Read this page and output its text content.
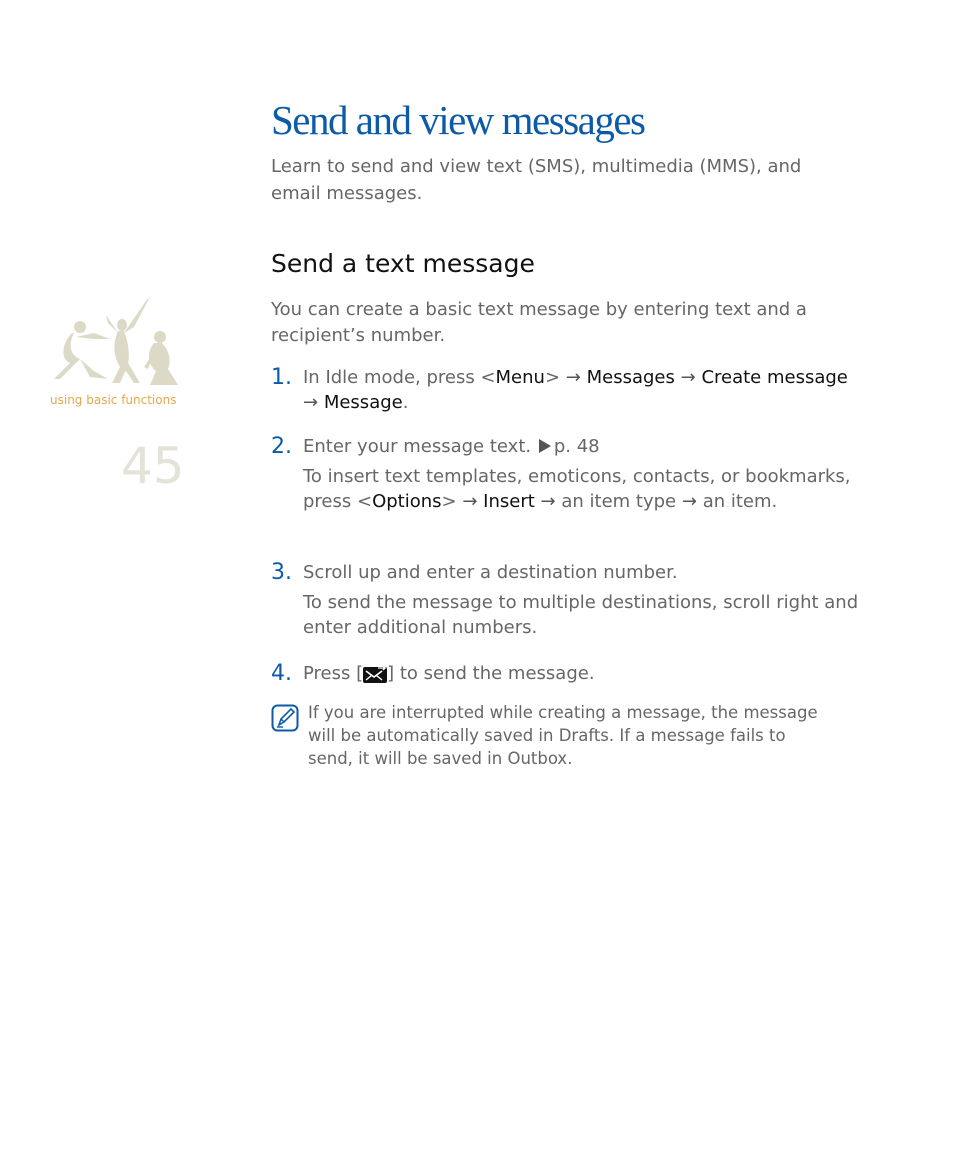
using basic functions
45
Send and view messages

Learn to send and view text (SMS), multimedia (MMS), and email messages.

Send a text message

You can create a basic text message by entering text and a recipient’s number.

1. In Idle mode, press <Menu> → Messages → Create message → Message.
2. Enter your message text. p. 48
To insert text templates, emoticons, contacts, or bookmarks, press <Options> → Insert → an item type → an item.
3. Scroll up and enter a destination number.
To send the message to multiple destinations, scroll right and enter additional numbers.
4. Press [ ] to send the message.
If you are interrupted while creating a message, the message will be automatically saved in Drafts. If a message fails to send, it will be saved in Outbox.
